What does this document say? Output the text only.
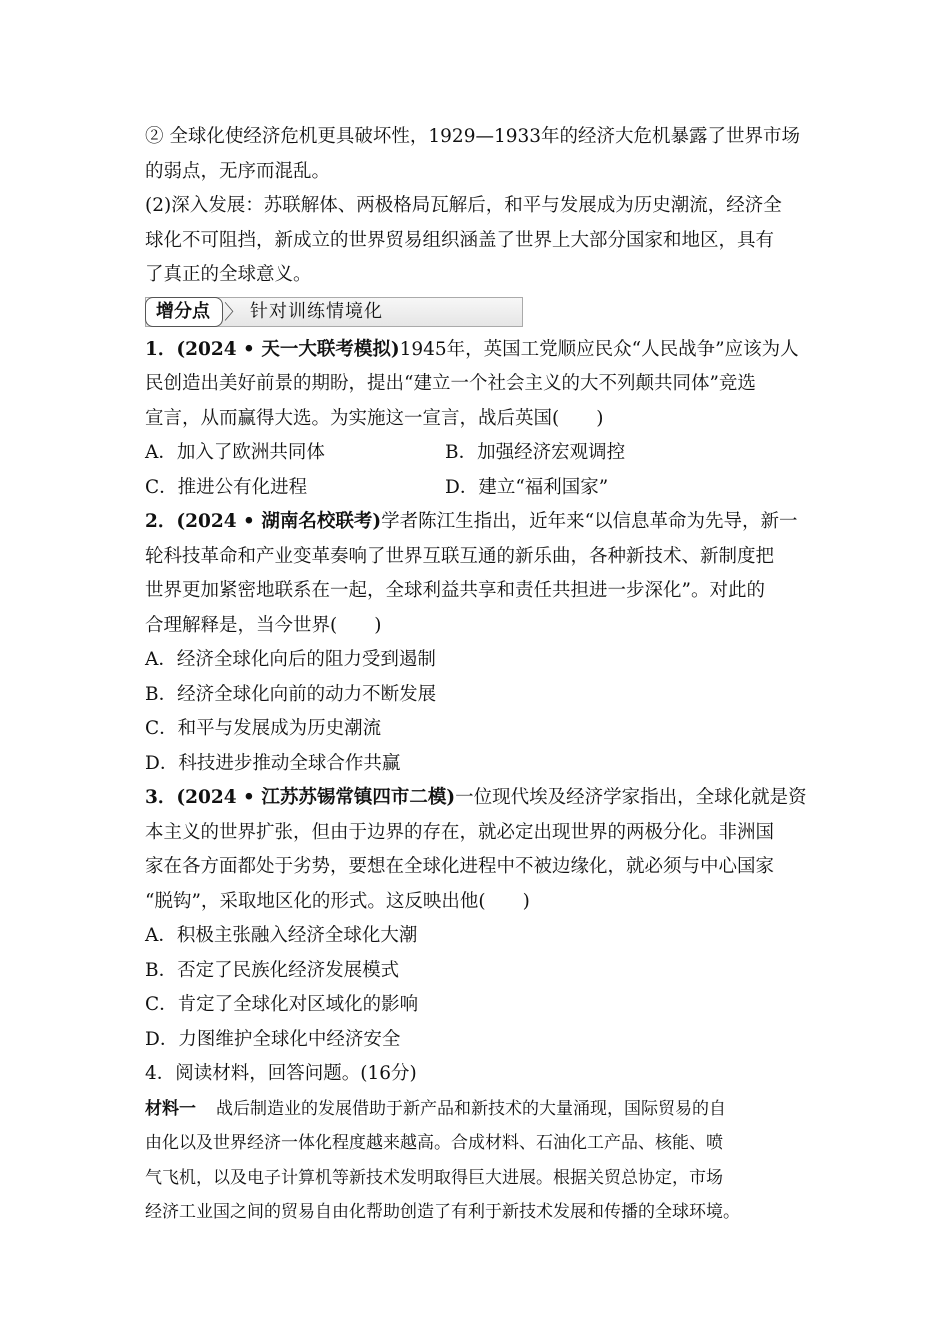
② 全球化使经济危机更具破坏性，1929—1933年的经济大危机暴露了世界市场
的弱点，无序而混乱。
(2)深入发展：苏联解体、两极格局瓦解后，和平与发展成为历史潮流，经济全
球化不可阻挡，新成立的世界贸易组织涵盖了世界上大部分国家和地区，具有
了真正的全球意义。
增分点 〉 针对训练情境化
1．(2024 • 天一大联考模拟)1945年，英国工党顺应民众“人民战争”应该为人
民创造出美好前景的期盼，提出“建立一个社会主义的大不列颠共同体”竞选
宣言，从而赢得大选。为实施这一宣言，战后英国(　　)
A．加入了欧洲共同体	B．加强经济宏观调控
C．推进公有化进程	D．建立“福利国家”
2．(2024 • 湖南名校联考)学者陈江生指出，近年来“以信息革命为先导，新一
轮科技革命和产业变革奏响了世界互联互通的新乐曲，各种新技术、新制度把
世界更加紧密地联系在一起，全球利益共享和责任共担进一步深化”。对此的
合理解释是，当今世界(　　)
A．经济全球化向后的阻力受到遏制
B．经济全球化向前的动力不断发展
C．和平与发展成为历史潮流
D．科技进步推动全球合作共赢
3．(2024 • 江苏苏锡常镇四市二模)一位现代埃及经济学家指出，全球化就是资
本主义的世界扩张，但由于边界的存在，就必定出现世界的两极分化。非洲国
家在各方面都处于劣势，要想在全球化进程中不被边缘化，就必须与中心国家
“脱钩”，采取地区化的形式。这反映出他(　　)
A．积极主张融入经济全球化大潮
B．否定了民族化经济发展模式
C．肯定了全球化对区域化的影响
D．力图维护全球化中经济安全
4．阅读材料，回答问题。(16分)
材料一 战后制造业的发展借助于新产品和新技术的大量涌现，国际贸易的自
由化以及世界经济一体化程度越来越高。合成材料、石油化工产品、核能、喷
气飞机，以及电子计算机等新技术发明取得巨大进展。根据关贸总协定，市场
经济工业国之间的贸易自由化帮助创造了有利于新技术发展和传播的全球环境。
